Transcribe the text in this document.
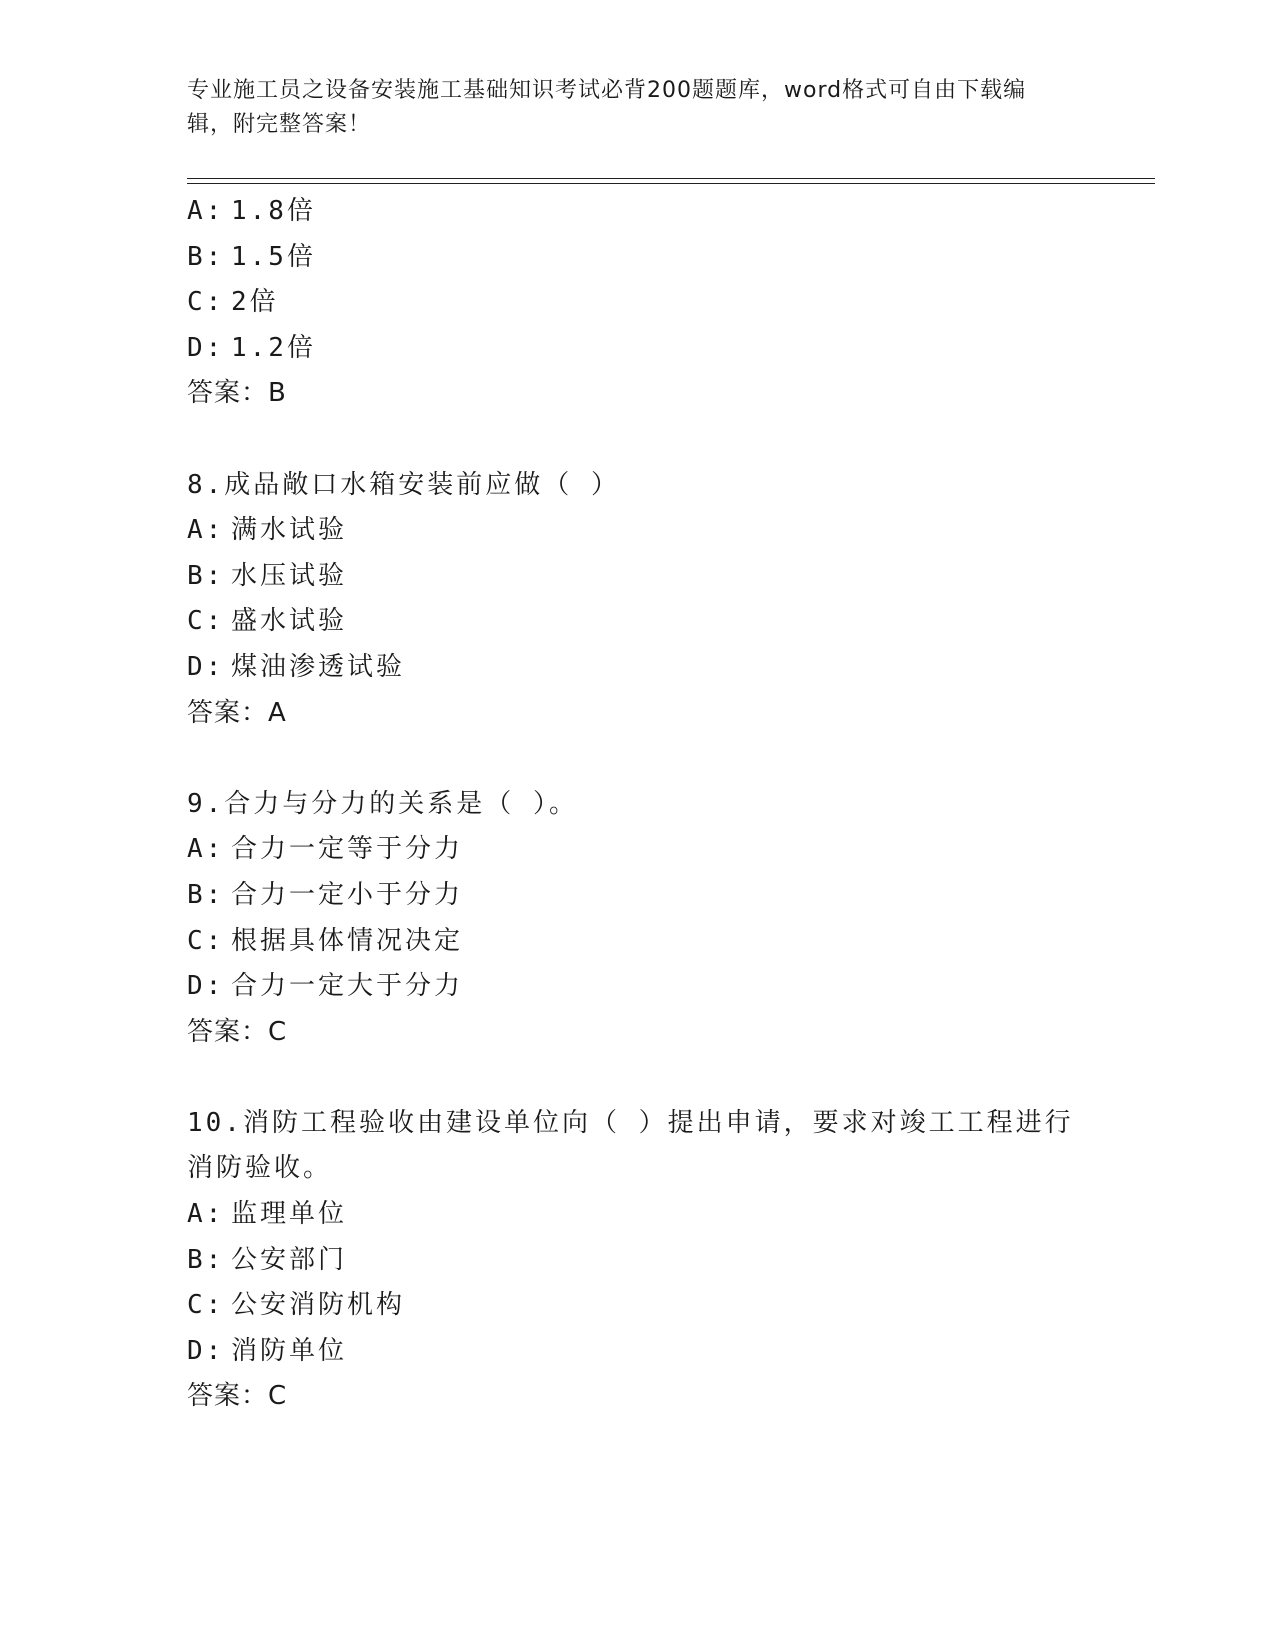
专业施工员之设备安装施工基础知识考试必背200题题库，word格式可自由下载编辑，附完整答案！
A: 1.8倍
B: 1.5倍
C: 2倍
D: 1.2倍
答案：B
8.成品敞口水箱安装前应做（ ）
A: 满水试验
B: 水压试验
C: 盛水试验
D: 煤油渗透试验
答案：A
9.合力与分力的关系是（ ）。
A: 合力一定等于分力
B: 合力一定小于分力
C: 根据具体情况决定
D: 合力一定大于分力
答案：C
10.消防工程验收由建设单位向（ ）提出申请，要求对竣工工程进行消防验收。
A: 监理单位
B: 公安部门
C: 公安消防机构
D: 消防单位
答案：C
